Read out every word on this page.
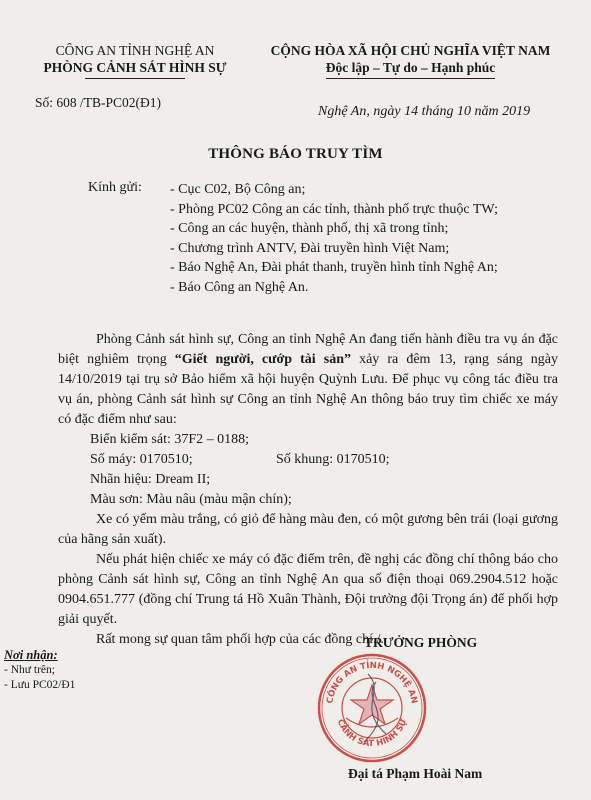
CÔNG AN TỈNH NGHỆ AN
PHÒNG CẢNH SÁT HÌNH SỰ
Số: 608 /TB-PC02(Đ1)
CỘNG HÒA XÃ HỘI CHỦ NGHĨA VIỆT NAM
Độc lập – Tự do – Hạnh phúc
Nghệ An, ngày 14 tháng 10 năm 2019
THÔNG BÁO TRUY TÌM
Kính gửi: - Cục C02, Bộ Công an;
- Phòng PC02 Công an các tỉnh, thành phố trực thuộc TW;
- Công an các huyện, thành phố, thị xã trong tỉnh;
- Chương trình ANTV, Đài truyền hình Việt Nam;
- Báo Nghệ An, Đài phát thanh, truyền hình tỉnh Nghệ An;
- Báo Công an Nghệ An.

Phòng Cảnh sát hình sự, Công an tỉnh Nghệ An đang tiến hành điều tra vụ án đặc biệt nghiêm trọng “Giết người, cướp tài sản” xảy ra đêm 13, rạng sáng ngày 14/10/2019 tại trụ sở Bảo hiểm xã hội huyện Quỳnh Lưu. Để phục vụ công tác điều tra vụ án, phòng Cảnh sát hình sự Công an tỉnh Nghệ An thông báo truy tìm chiếc xe máy có đặc điểm như sau:

Biển kiểm sát: 37F2 – 0188;

Số máy: 0170510;	Số khung: 0170510;

Nhãn hiệu: Dream II;

Màu sơn: Màu nâu (màu mận chín);

Xe có yếm màu trắng, có giỏ để hàng màu đen, có một gương bên trái (loại gương của hãng sản xuất).

Nếu phát hiện chiếc xe máy có đặc điểm trên, đề nghị các đồng chí thông báo cho phòng Cảnh sát hình sự, Công an tỉnh Nghệ An qua số điện thoại 069.2904.512 hoặc 0904.651.777 (đồng chí Trung tá Hồ Xuân Thành, Đội trưởng đội Trọng án) để phối hợp giải quyết.

Rất mong sự quan tâm phối hợp của các đồng chí./.

Nơi nhận:
- Như trên;
- Lưu PC02/Đ1
TRƯỞNG PHÒNG
CÔNG AN TỈNH NGHỆ AN
CẢNH SÁT HÌNH SỰ
Đại tá Phạm Hoài Nam
